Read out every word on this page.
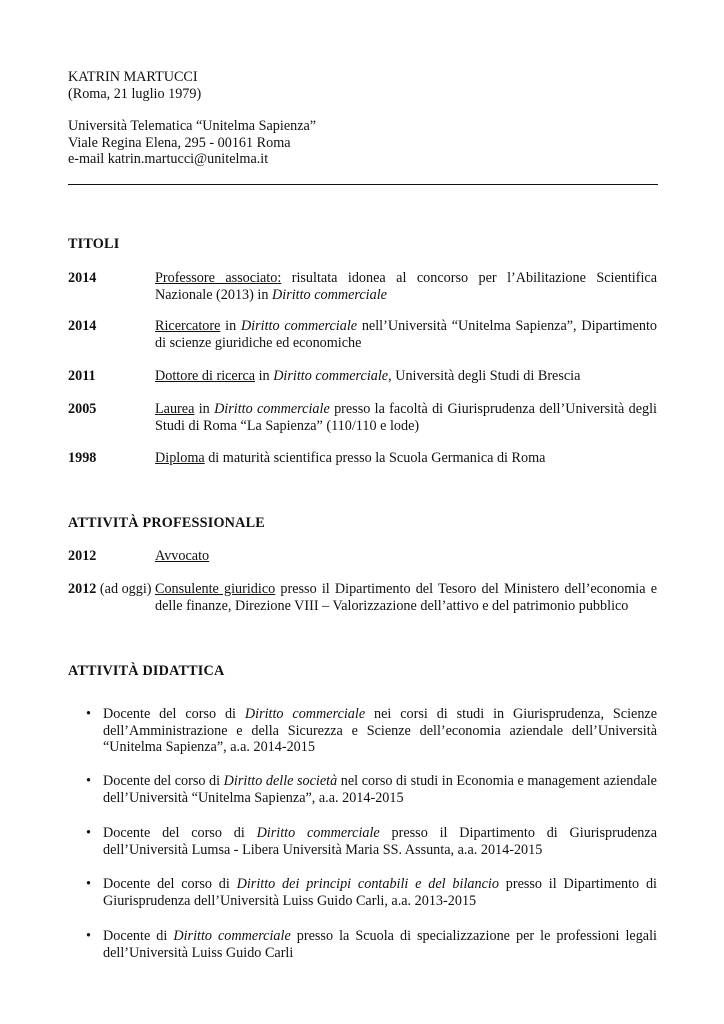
KATRIN MARTUCCI
(Roma, 21 luglio 1979)
Università Telematica “Unitelma Sapienza”
Viale Regina Elena, 295 - 00161 Roma
e-mail katrin.martucci@unitelma.it
TITOLI
2014	Professore associato: risultata idonea al concorso per l’Abilitazione Scientifica Nazionale (2013) in Diritto commerciale
2014	Ricercatore in Diritto commerciale nell’Università “Unitelma Sapienza”, Dipartimento di scienze giuridiche ed economiche
2011	Dottore di ricerca in Diritto commerciale, Università degli Studi di Brescia
2005	Laurea in Diritto commerciale presso la facoltà di Giurisprudenza dell’Università degli Studi di Roma “La Sapienza” (110/110 e lode)
1998	Diploma di maturità scientifica presso la Scuola Germanica di Roma
ATTIVITÀ PROFESSIONALE
2012	Avvocato
2012 (ad oggi) Consulente giuridico presso il Dipartimento del Tesoro del Ministero dell’economia e delle finanze, Direzione VIII – Valorizzazione dell’attivo e del patrimonio pubblico
ATTIVITÀ DIDATTICA
• Docente del corso di Diritto commerciale nei corsi di studi in Giurisprudenza, Scienze dell’Amministrazione e della Sicurezza e Scienze dell’economia aziendale dell’Università “Unitelma Sapienza”, a.a. 2014-2015
• Docente del corso di Diritto delle società nel corso di studi in Economia e management aziendale dell’Università “Unitelma Sapienza”, a.a. 2014-2015
• Docente del corso di Diritto commerciale presso il Dipartimento di Giurisprudenza dell’Università Lumsa - Libera Università Maria SS. Assunta, a.a. 2014-2015
• Docente del corso di Diritto dei principi contabili e del bilancio presso il Dipartimento di Giurisprudenza dell’Università Luiss Guido Carli, a.a. 2013-2015
• Docente di Diritto commerciale presso la Scuola di specializzazione per le professioni legali dell’Università Luiss Guido Carli
